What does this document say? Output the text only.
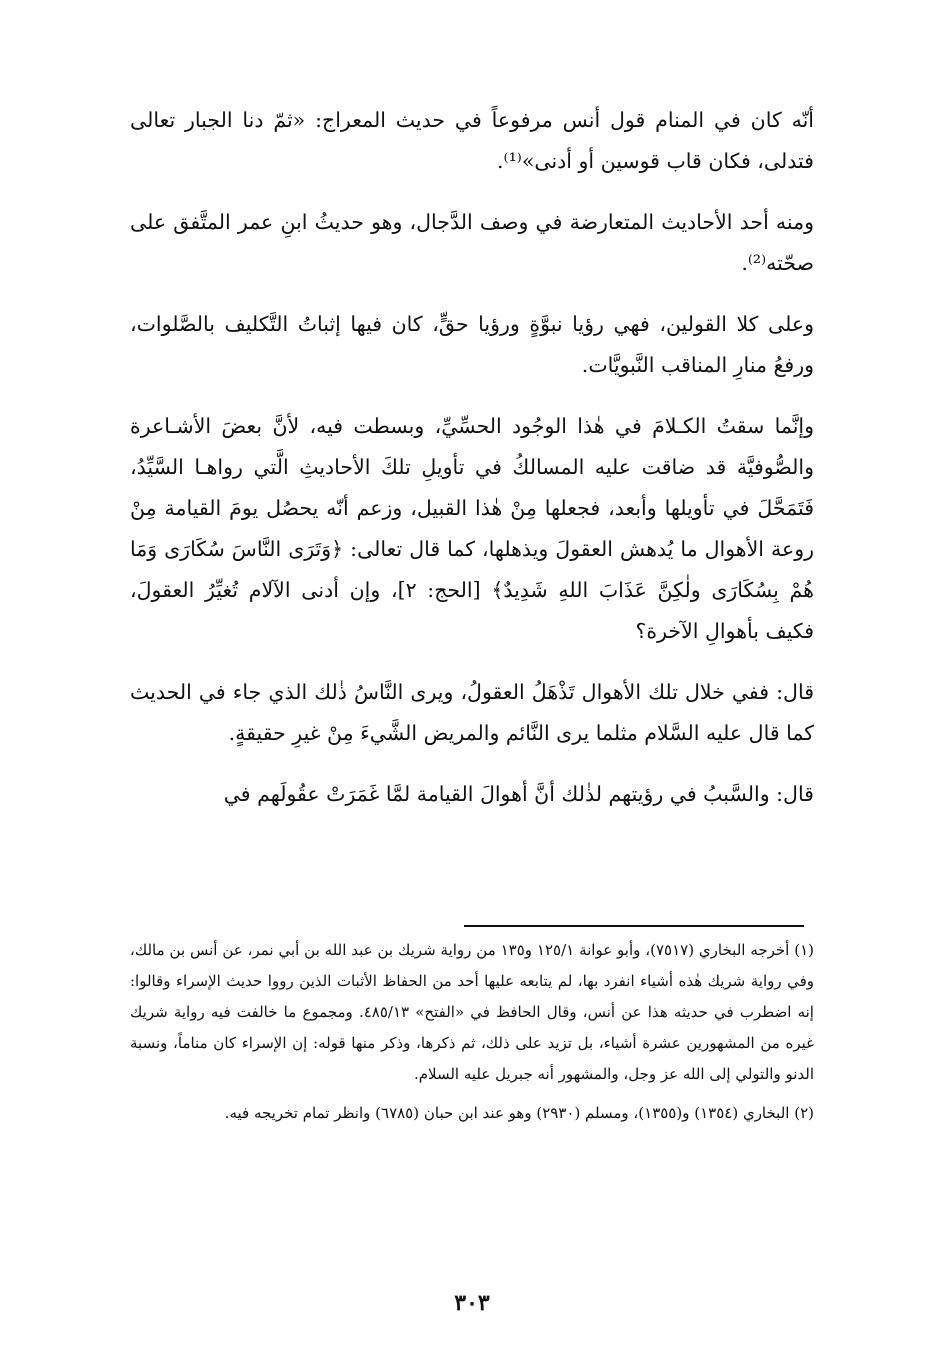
أنّه كان في المنام قول أنس مرفوعاً في حديث المعراج: «ثمّ دنا الجبار تعالى فتدلى، فكان قاب قوسين أو أدنى»⁽¹⁾.

ومنه أحد الأحاديث المتعارضة في وصف الدَّجال، وهو حديثُ ابنِ عمر المتَّفق على صحّته⁽²⁾.

وعلى كلا القولين، فهي رؤيا نبوَّةٍ ورؤيا حقٍّ، كان فيها إثباتُ التَّكليف بالصَّلوات، ورفعُ منارِ المناقب النَّبويَّات.

وإنَّما سقتُ الكـلامَ في هٰذا الوجُود الحسِّيِّ، وبسطت فيه، لأنَّ بعضَ الأشـاعرة والصُّوفيَّة قد ضاقت عليه المسالكُ في تأويلِ تلكَ الأحاديثِ الَّتي رواهـا السَّيِّدُ، فَتَمَحَّلَ في تأويلها وأبعد، فجعلها مِنْ هٰذا القبيل، وزعم أنّه يحصُل يومَ القيامة مِنْ روعة الأهوال ما يُدهش العقولَ ويذهلها، كما قال تعالى: ﴿وَتَرَى النَّاسَ سُكَارَى وَمَا هُمْ بِسُكَارَى ولٰكِنَّ عَذَابَ اللهِ شَدِيدٌ﴾ [الحج: ٢]، وإن أدنى الآلام تُغيِّرُ العقولَ، فكيف بأهوالِ الآخرة؟

قال: ففي خلال تلك الأهوال تَذْهَلُ العقولُ، ويرى النَّاسُ ذٰلك الذي جاء في الحديث كما قال عليه السَّلام مثلما يرى النَّائم والمريض الشَّيءَ مِنْ غيرِ حقيقةٍ.

قال: والسَّببُ في رؤيتهم لذٰلك أنَّ أهوالَ القيامة لمَّا غَمَرَتْ عقُولَهم في

(١) أخرجه البخاري (٧٥١٧)، وأبو عوانة ١٢٥/١ و١٣٥ من رواية شريك بن عبد الله بن أبي نمر، عن أنس بن مالك، وفي رواية شريك هٰذه أشياء انفرد بها، لم يتابعه عليها أحد من الحفاظ الأثبات الذين رووا حديث الإسراء وقالوا: إنه اضطرب في حديثه هذا عن أنس، وقال الحافظ في «الفتح» ٤٨٥/١٣. ومجموع ما خالفت فيه رواية شريك غيره من المشهورين عشرة أشياء، بل تزيد على ذلك، ثم ذكرها، وذكر منها قوله: إن الإسراء كان مناماً، ونسبة الدنو والتولي إلى الله عز وجل، والمشهور أنه جبريل عليه السلام.

(٢) البخاري (١٣٥٤) و(١٣٥٥)، ومسلم (٢٩٣٠) وهو عند ابن حبان (٦٧٨٥) وانظر تمام تخريجه فيه.

٣٠٣
